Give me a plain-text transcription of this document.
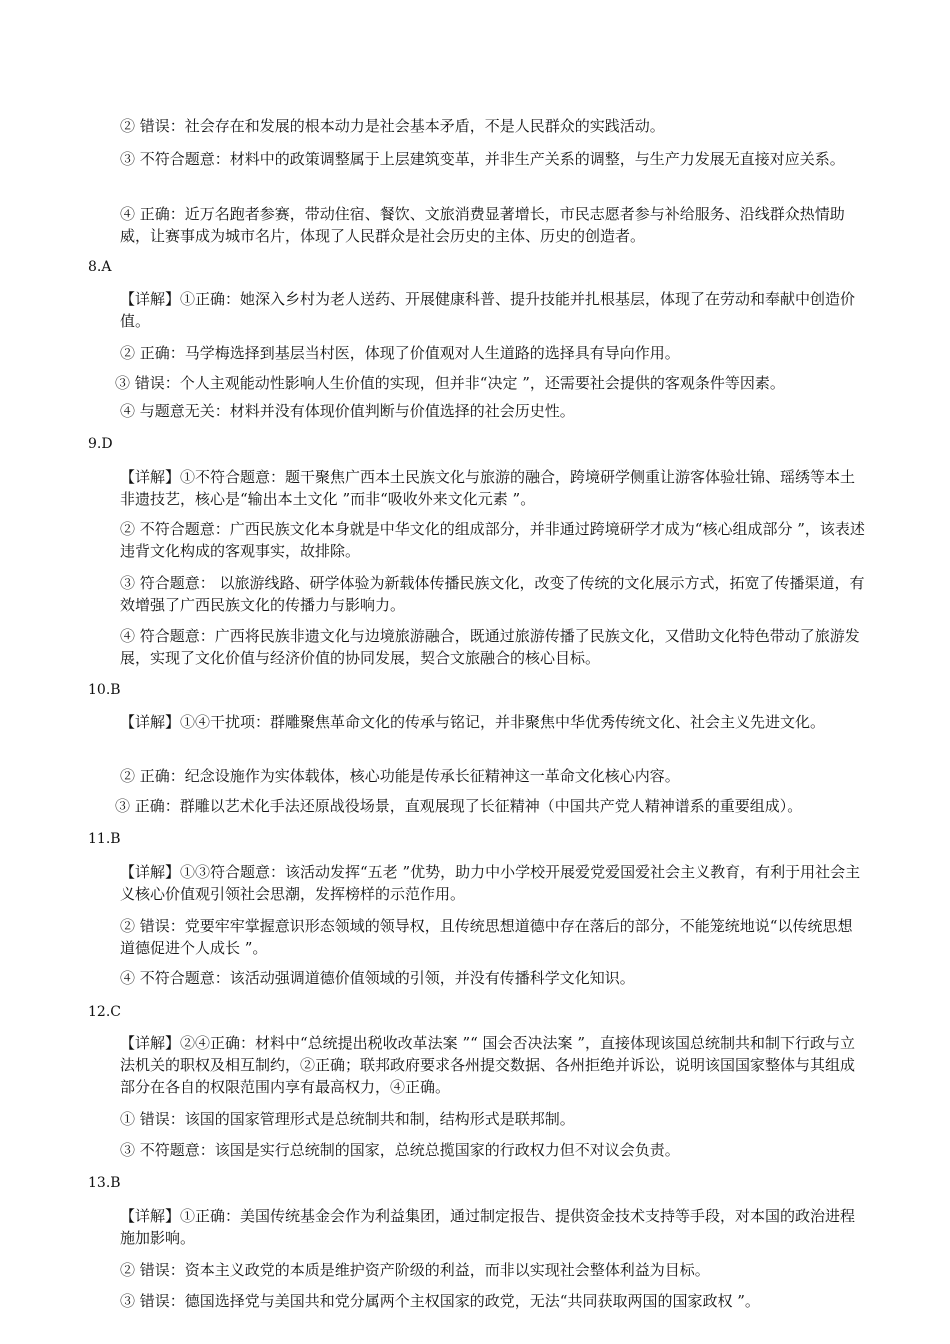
② 错误：社会存在和发展的根本动力是社会基本矛盾，不是人民群众的实践活动。

③ 不符合题意：材料中的政策调整属于上层建筑变革，并非生产关系的调整，与生产力发展无直接对应关系。

④ 正确：近万名跑者参赛，带动住宿、餐饮、文旅消费显著增长，市民志愿者参与补给服务、沿线群众热情助威，让赛事成为城市名片，体现了人民群众是社会历史的主体、历史的创造者。

8.A

【详解】①正确：她深入乡村为老人送药、开展健康科普、提升技能并扎根基层，体现了在劳动和奉献中创造价值。

② 正确：马学梅选择到基层当村医，体现了价值观对人生道路的选择具有导向作用。

③ 错误：个人主观能动性影响人生价值的实现，但并非“决定 ”，还需要社会提供的客观条件等因素。

④ 与题意无关：材料并没有体现价值判断与价值选择的社会历史性。

9.D

【详解】①不符合题意：题干聚焦广西本土民族文化与旅游的融合，跨境研学侧重让游客体验壮锦、瑶绣等本土非遗技艺，核心是“输出本土文化 ”而非“吸收外来文化元素 ”。

② 不符合题意：广西民族文化本身就是中华文化的组成部分，并非通过跨境研学才成为“核心组成部分 ”，该表述违背文化构成的客观事实，故排除。

③ 符合题意： 以旅游线路、研学体验为新载体传播民族文化，改变了传统的文化展示方式，拓宽了传播渠道，有效增强了广西民族文化的传播力与影响力。

④ 符合题意：广西将民族非遗文化与边境旅游融合，既通过旅游传播了民族文化，又借助文化特色带动了旅游发展，实现了文化价值与经济价值的协同发展，契合文旅融合的核心目标。

10.B

【详解】①④干扰项：群雕聚焦革命文化的传承与铭记，并非聚焦中华优秀传统文化、社会主义先进文化。

② 正确：纪念设施作为实体载体，核心功能是传承长征精神这一革命文化核心内容。

③ 正确：群雕以艺术化手法还原战役场景，直观展现了长征精神（中国共产党人精神谱系的重要组成）。

11.B

【详解】①③符合题意：该活动发挥“五老 ”优势，助力中小学校开展爱党爱国爱社会主义教育，有利于用社会主义核心价值观引领社会思潮，发挥榜样的示范作用。

② 错误：党要牢牢掌握意识形态领域的领导权，且传统思想道德中存在落后的部分，不能笼统地说“以传统思想道德促进个人成长 ”。

④ 不符合题意：该活动强调道德价值领域的引领，并没有传播科学文化知识。

12.C

【详解】②④正确：材料中“总统提出税收改革法案 ”“ 国会否决法案 ”，直接体现该国总统制共和制下行政与立法机关的职权及相互制约，②正确；联邦政府要求各州提交数据、各州拒绝并诉讼，说明该国国家整体与其组成部分在各自的权限范围内享有最高权力，④正确。

① 错误：该国的国家管理形式是总统制共和制，结构形式是联邦制。

③ 不符题意：该国是实行总统制的国家，总统总揽国家的行政权力但不对议会负责。

13.B

【详解】①正确：美国传统基金会作为利益集团，通过制定报告、提供资金技术支持等手段，对本国的政治进程施加影响。

② 错误：资本主义政党的本质是维护资产阶级的利益，而非以实现社会整体利益为目标。

③ 错误：德国选择党与美国共和党分属两个主权国家的政党，无法“共同获取两国的国家政权 ”。
